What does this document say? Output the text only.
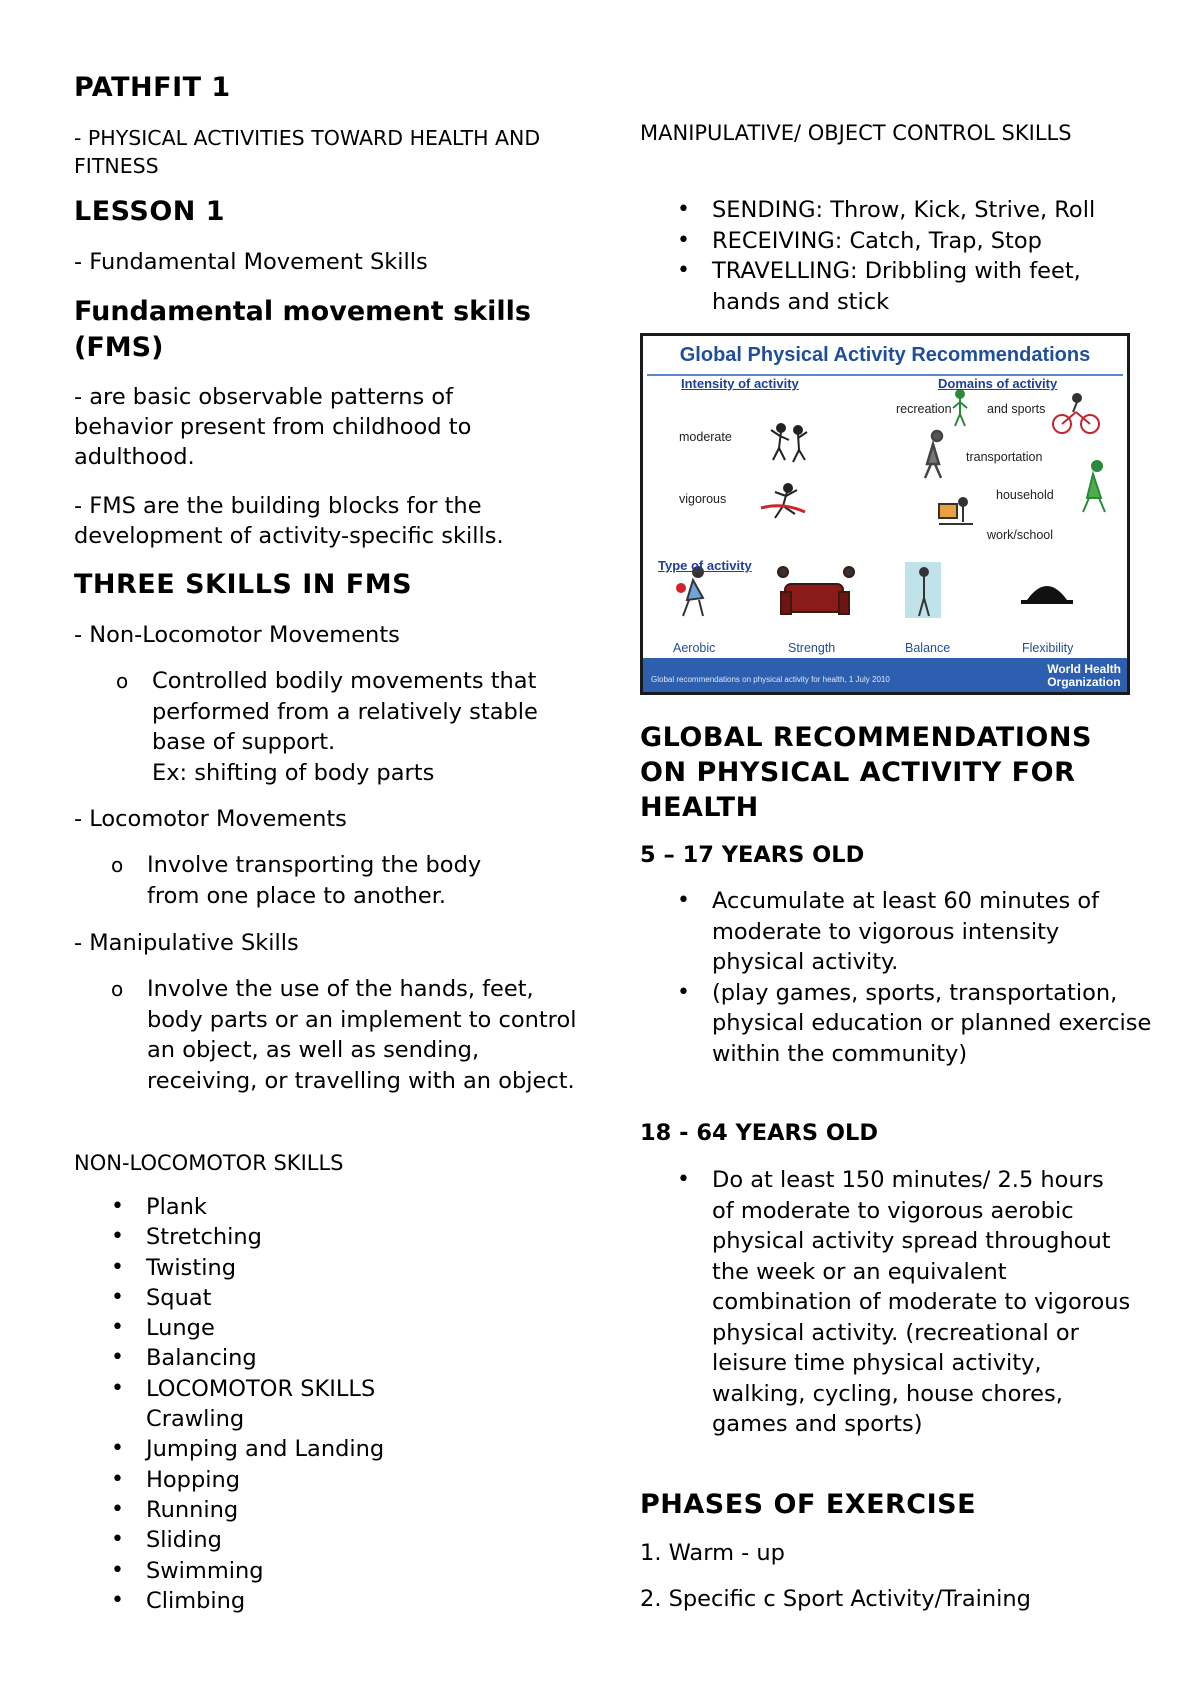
PATHFIT 1

- PHYSICAL ACTIVITIES TOWARD HEALTH AND FITNESS

LESSON 1

- Fundamental Movement Skills

Fundamental movement skills (FMS)

- are basic observable patterns of behavior present from childhood to adulthood.

- FMS are the building blocks for the development of activity-specific skills.

THREE SKILLS IN FMS

- Non-Locomotor Movements

o Controlled bodily movements that performed from a relatively stable base of support.
Ex: shifting of body parts

- Locomotor Movements

o Involve transporting the body from one place to another.

- Manipulative Skills

o Involve the use of the hands, feet, body parts or an implement to control an object, as well as sending, receiving, or travelling with an object.

NON-LOCOMOTOR SKILLS

• Plank
• Stretching
• Twisting
• Squat
• Lunge
• Balancing
• LOCOMOTOR SKILLS Crawling
• Jumping and Landing
• Hopping
• Running
• Sliding
• Swimming
• Climbing

MANIPULATIVE/ OBJECT CONTROL SKILLS

• SENDING: Throw, Kick, Strive, Roll
• RECEIVING: Catch, Trap, Stop
• TRAVELLING: Dribbling with feet, hands and stick
Global Physical Activity Recommendations
Intensity of activity	Domains of activity
moderate
vigorous
recreation	and sports
transportation
household
work/school
Type of activity
Aerobic	Strength	Balance	Flexibility
Global recommendations on physical activity for health, 1 July 2010
World Health
Organization
GLOBAL RECOMMENDATIONS ON PHYSICAL ACTIVITY FOR HEALTH

5 – 17 YEARS OLD

• Accumulate at least 60 minutes of moderate to vigorous intensity physical activity.
• (play games, sports, transportation, physical education or planned exercise within the community)

18 - 64 YEARS OLD

• Do at least 150 minutes/ 2.5 hours of moderate to vigorous aerobic physical activity spread throughout the week or an equivalent combination of moderate to vigorous physical activity. (recreational or leisure time physical activity, walking, cycling, house chores, games and sports)
PHASES OF EXERCISE

1. Warm - up

2. Specific c Sport Activity/Training
